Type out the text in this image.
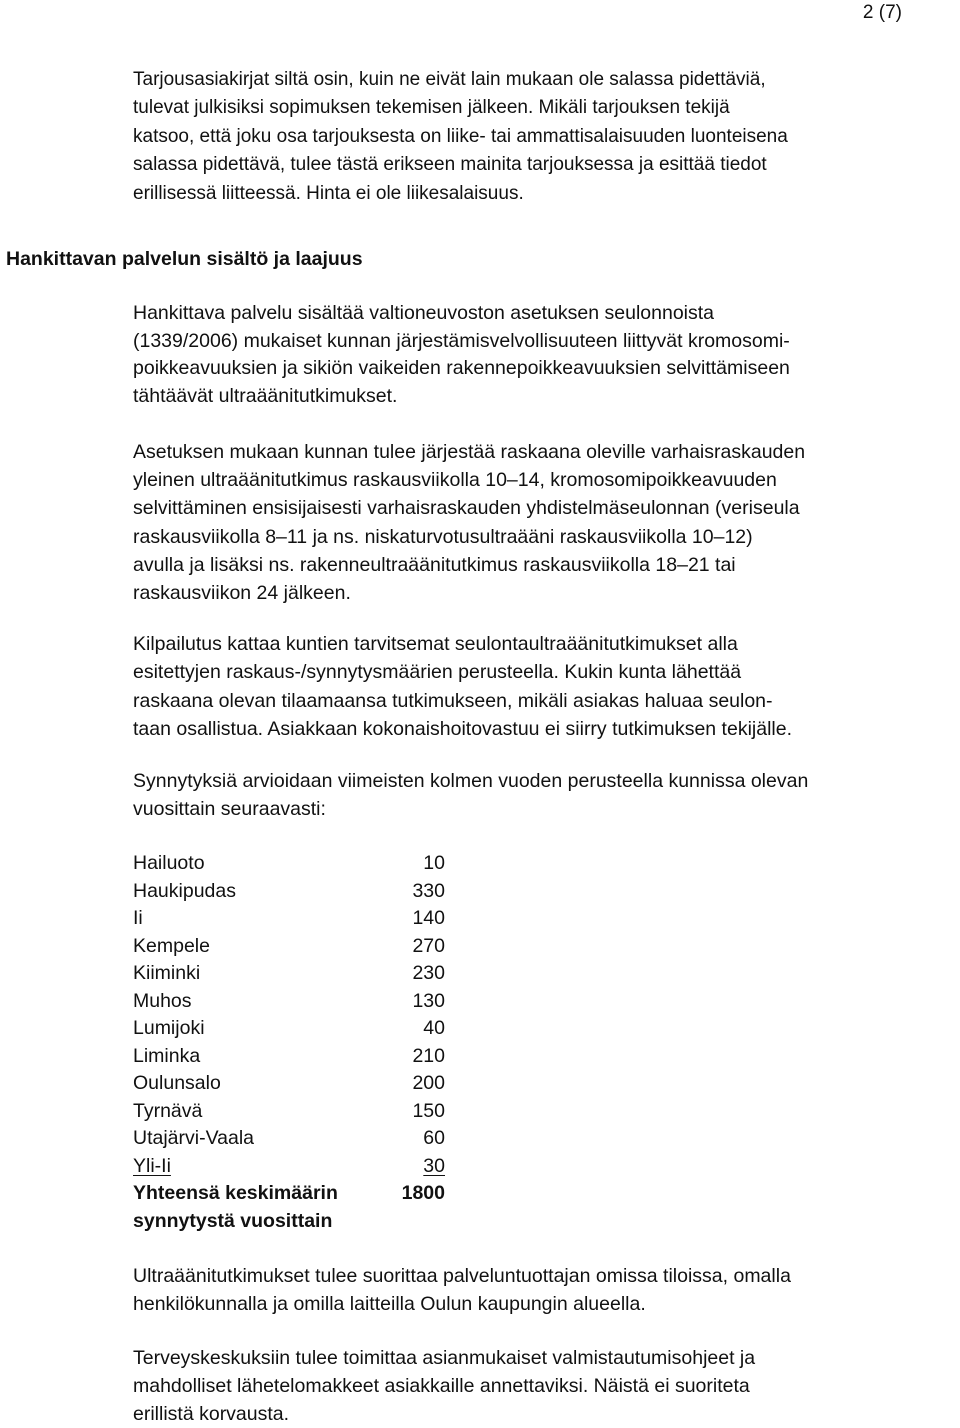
2 (7)

Tarjousasiakirjat siltä osin, kuin ne eivät lain mukaan ole salassa pidettäviä,
tulevat julkisiksi sopimuksen tekemisen jälkeen. Mikäli tarjouksen tekijä
katsoo, että joku osa tarjouksesta on liike- tai ammattisalaisuuden luonteisena
salassa pidettävä, tulee tästä erikseen mainita tarjouksessa ja esittää tiedot
erillisessä liitteessä. Hinta ei ole liikesalaisuus.

Hankittavan palvelun sisältö ja laajuus

Hankittava palvelu sisältää valtioneuvoston asetuksen seulonnoista
(1339/2006) mukaiset kunnan järjestämisvelvollisuuteen liittyvät kromosomi-
poikkeavuuksien ja sikiön vaikeiden rakennepoikkeavuuksien selvittämiseen
tähtäävät ultraäänitutkimukset.

Asetuksen mukaan kunnan tulee järjestää raskaana oleville varhaisraskauden
yleinen ultraäänitutkimus raskausviikolla 10–14, kromosomipoikkeavuuden
selvittäminen ensisijaisesti varhaisraskauden yhdistelmäseulonnan (veriseula
raskausviikolla 8–11 ja ns. niskaturvotusultraääni raskausviikolla 10–12)
avulla ja lisäksi ns. rakenneultraäänitutkimus raskausviikolla 18–21 tai
raskausviikon 24 jälkeen.

Kilpailutus kattaa kuntien tarvitsemat seulontaultraäänitutkimukset alla
esitettyjen raskaus-/synnytysmäärien perusteella. Kukin kunta lähettää
raskaana olevan tilaamaansa tutkimukseen, mikäli asiakas haluaa seulon-
taan osallistua. Asiakkaan kokonaishoitovastuu ei siirry tutkimuksen tekijälle.

Synnytyksiä arvioidaan viimeisten kolmen vuoden perusteella kunnissa olevan
vuosittain seuraavasti:

Hailuoto	10
Haukipudas	330
Ii	140
Kempele	270
Kiiminki	230
Muhos	130
Lumijoki	40
Liminka	210
Oulunsalo	200
Tyrnävä	150
Utajärvi-Vaala	60
Yli-Ii	30
Yhteensä keskimäärin	1800
synnytystä vuosittain

Ultraäänitutkimukset tulee suorittaa palveluntuottajan omissa tiloissa, omalla
henkilökunnalla ja omilla laitteilla Oulun kaupungin alueella.

Terveyskeskuksiin tulee toimittaa asianmukaiset valmistautumisohjeet ja
mahdolliset lähetelomakkeet asiakkaille annettaviksi. Näistä ei suoriteta
erillistä korvausta.
